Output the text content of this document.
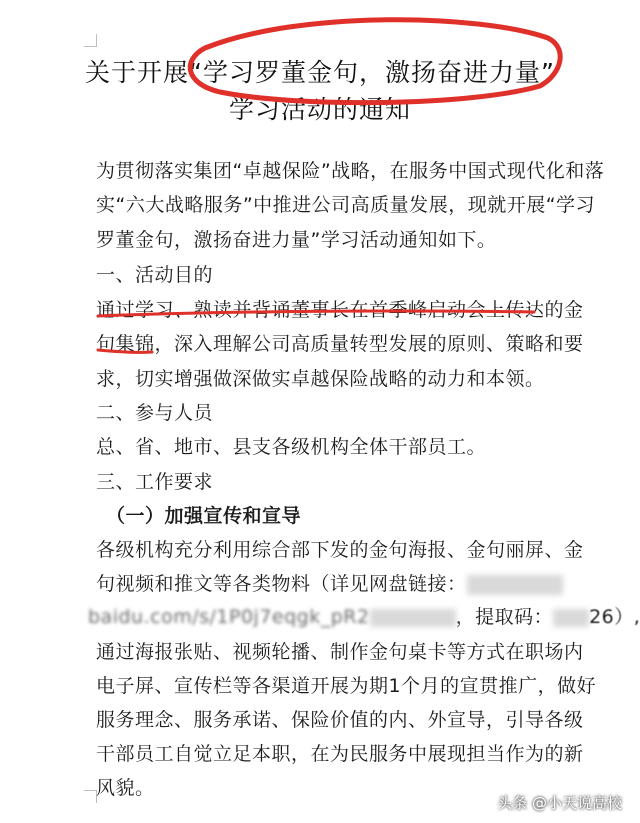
关于开展“学习罗董金句，激扬奋进力量”
学习活动的通知
为贯彻落实集团“卓越保险”战略，在服务中国式现代化和落
实“六大战略服务”中推进公司高质量发展，现就开展“学习
罗董金句，激扬奋进力量”学习活动通知如下。
一、活动目的
通过学习、熟读并背诵董事长在首季峰启动会上传达的金
句集锦，深入理解公司高质量转型发展的原则、策略和要
求，切实增强做深做实卓越保险战略的动力和本领。
二、参与人员
总、省、地市、县支各级机构全体干部员工。
三、工作要求
（一）加强宣传和宣导
各级机构充分利用综合部下发的金句海报、金句丽屏、金
句视频和推文等各类物料（详见网盘链接：
baidu.com/s/1P0j7eqgk_pR2	，提取码： 26）,
通过海报张贴、视频轮播、制作金句桌卡等方式在职场内
电子屏、宣传栏等各渠道开展为期1个月的宣贯推广，做好
服务理念、服务承诺、保险价值的内、外宣导，引导各级
干部员工自觉立足本职，在为民服务中展现担当作为的新
风貌。
头条 @小天说高校
